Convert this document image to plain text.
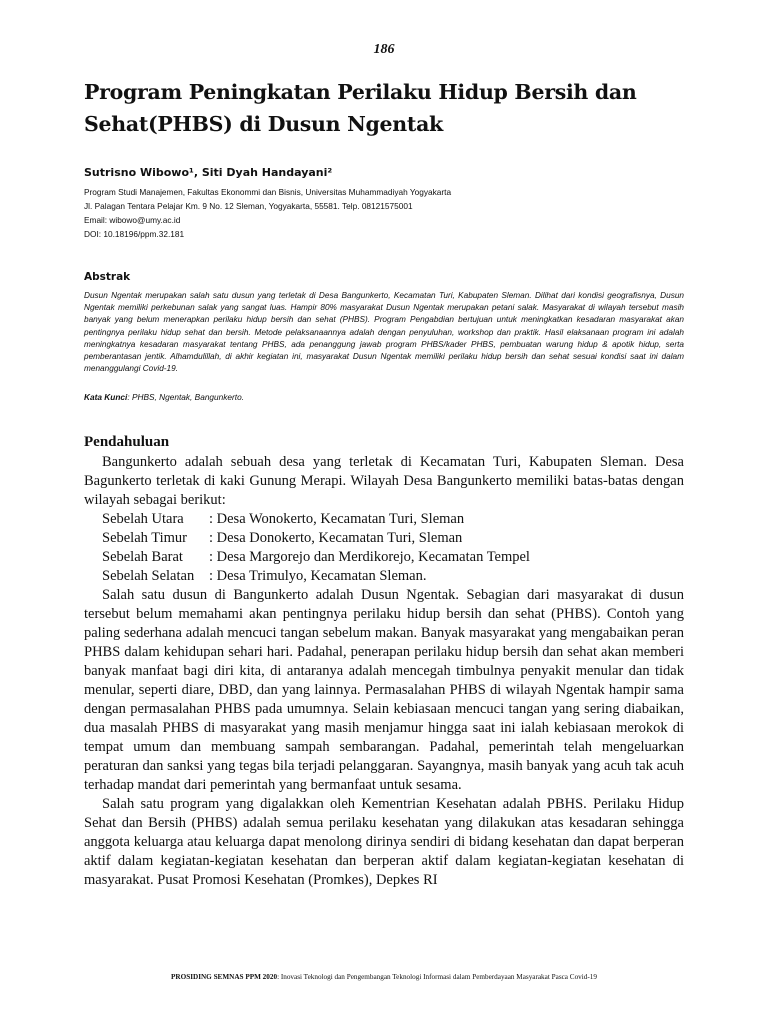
186
Program Peningkatan Perilaku Hidup Bersih dan Sehat(PHBS) di Dusun Ngentak
Sutrisno Wibowo¹, Siti Dyah Handayani²
Program Studi Manajemen, Fakultas Ekonommi dan Bisnis, Universitas Muhammadiyah Yogyakarta
Jl. Palagan Tentara Pelajar Km. 9 No. 12 Sleman, Yogyakarta, 55581. Telp. 08121575001
Email: wibowo@umy.ac.id
DOI: 10.18196/ppm.32.181
Abstrak

Dusun Ngentak merupakan salah satu dusun yang terletak di Desa Bangunkerto, Kecamatan Turi, Kabupaten Sleman. Dilihat dari kondisi geografisnya, Dusun Ngentak memiliki perkebunan salak yang sangat luas. Hampir 80% masyarakat Dusun Ngentak merupakan petani salak. Masyarakat di wilayah tersebut masih banyak yang belum menerapkan perilaku hidup bersih dan sehat (PHBS). Program Pengabdian bertujuan untuk meningkatkan kesadaran masyarakat akan pentingnya perilaku hidup sehat dan bersih. Metode pelaksanaannya adalah dengan penyuluhan, workshop dan praktik. Hasil elaksanaan program ini adalah meningkatnya kesadaran masyarakat tentang PHBS, ada penanggung jawab program PHBS/kader PHBS, pembuatan warung hidup & apotik hidup, serta pemberantasan jentik. Alhamdulillah, di akhir kegiatan ini, masyarakat Dusun Ngentak memiliki perilaku hidup bersih dan sehat sesuai kondisi saat ini dalam menanggulangi Covid-19.

Kata Kunci: PHBS, Ngentak, Bangunkerto.
Pendahuluan

Bangunkerto adalah sebuah desa yang terletak di Kecamatan Turi, Kabupaten Sleman. Desa Bagunkerto terletak di kaki Gunung Merapi. Wilayah Desa Bangunkerto memiliki batas-batas dengan wilayah sebagai berikut:

Sebelah Utara	: Desa Wonokerto, Kecamatan Turi, Sleman
Sebelah Timur	: Desa Donokerto, Kecamatan Turi, Sleman
Sebelah Barat	: Desa Margorejo dan Merdikorejo, Kecamatan Tempel
Sebelah Selatan	: Desa Trimulyo, Kecamatan Sleman.

Salah satu dusun di Bangunkerto adalah Dusun Ngentak. Sebagian dari masyarakat di dusun tersebut belum memahami akan pentingnya perilaku hidup bersih dan sehat (PHBS). Contoh yang paling sederhana adalah mencuci tangan sebelum makan. Banyak masyarakat yang mengabaikan peran PHBS dalam kehidupan sehari hari. Padahal, penerapan perilaku hidup bersih dan sehat akan memberi banyak manfaat bagi diri kita, di antaranya adalah mencegah timbulnya penyakit menular dan tidak menular, seperti diare, DBD, dan yang lainnya. Permasalahan PHBS di wilayah Ngentak hampir sama dengan permasalahan PHBS pada umumnya. Selain kebiasaan mencuci tangan yang sering diabaikan, dua masalah PHBS di masyarakat yang masih menjamur hingga saat ini ialah kebiasaan merokok di tempat umum dan membuang sampah sembarangan. Padahal, pemerintah telah mengeluarkan peraturan dan sanksi yang tegas bila terjadi pelanggaran. Sayangnya, masih banyak yang acuh tak acuh terhadap mandat dari pemerintah yang bermanfaat untuk sesama.

Salah satu program yang digalakkan oleh Kementrian Kesehatan adalah PBHS. Perilaku Hidup Sehat dan Bersih (PHBS) adalah semua perilaku kesehatan yang dilakukan atas kesadaran sehingga anggota keluarga atau keluarga dapat menolong dirinya sendiri di bidang kesehatan dan dapat berperan aktif dalam kegiatan-kegiatan kesehatan dan berperan aktif dalam kegiatan-kegiatan kesehatan di masyarakat. Pusat Promosi Kesehatan (Promkes), Depkes RI

PROSIDING SEMNAS PPM 2020: Inovasi Teknologi dan Pengembangan Teknologi Informasi dalam Pemberdayaan Masyarakat Pasca Covid-19
